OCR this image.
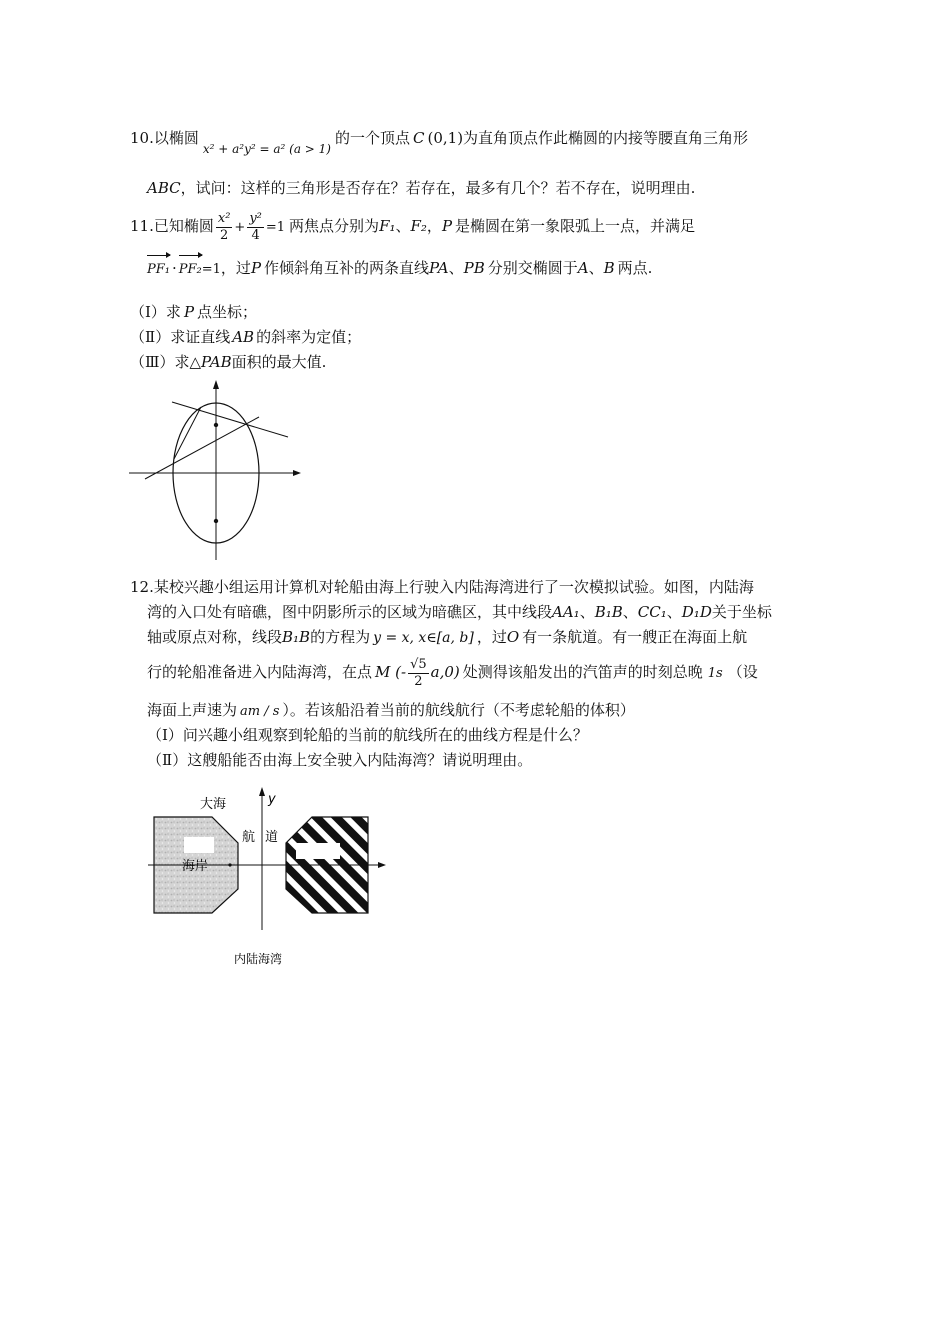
10.以椭圆$_{x^2 + a^2y^2 = a^2 (a > 1)}$的一个顶点 C (0,1)为直角顶点作此椭圆的内接等腰直角三角形
ABC，试问：这样的三角形是否存在？若存在，最多有几个？若不存在，说明理由.
11.已知椭圆 $\frac{\text{x²}}{2} + \frac{\text{y²}}{4} =1$ 两焦点分别为F₁、F₂，P 是椭圆在第一象限弧上一点，并满足
PF₁ · PF₂=1，过P 作倾斜角互补的两条直线PA、PB 分别交椭圆于A、B 两点.
（Ⅰ）求 P 点坐标；
（Ⅱ）求证直线 AB 的斜率为定值；
（Ⅲ）求△PAB面积的最大值.
12.某校兴趣小组运用计算机对轮船由海上行驶入内陆海湾进行了一次模拟试验。如图，内陆海
湾的入口处有暗礁，图中阴影所示的区域为暗礁区，其中线段AA₁、B₁B、CC₁、D₁D关于坐标
轴或原点对称，线段B₁B的方程为 y = x, x∈[a, b] ，过O 有一条航道。有一艘正在海面上航
行的轮船准备进入内陆海湾，在点 M (- $\frac{√5}{2} a,0$) 处测得该船发出的汽笛声的时刻总晚 1s （设
海面上声速为 am / s ）。若该船沿着当前的航线航行（不考虑轮船的体积）
（Ⅰ）问兴趣小组观察到轮船的当前的航线所在的曲线方程是什么？
（Ⅱ）这艘船能否由海上安全驶入内陆海湾？请说明理由。
y
大海
航 道
海岸
内陆海湾
